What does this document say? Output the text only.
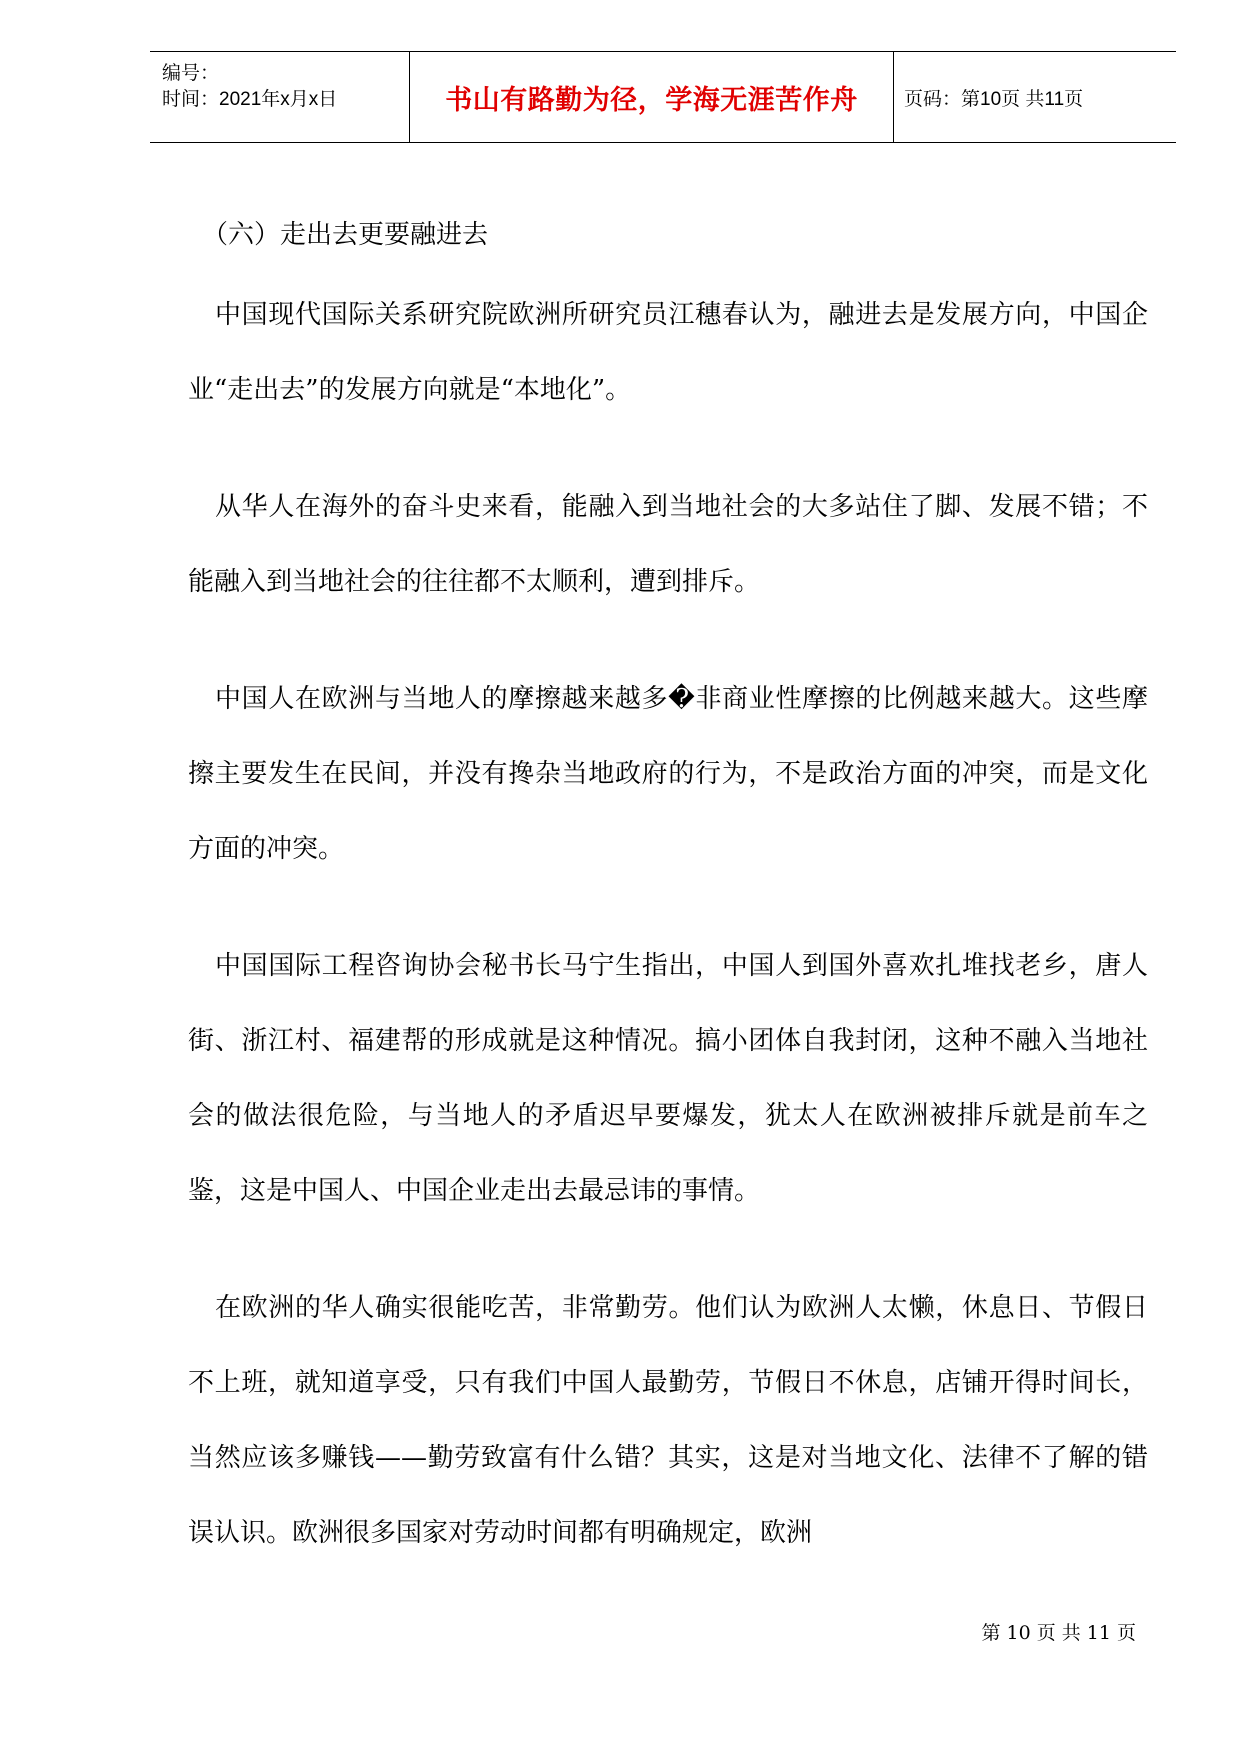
编号：
时间：2021年x月x日	书山有路勤为径，学海无涯苦作舟 页码：第10页 共11页

（六）走出去更要融进去

中国现代国际关系研究院欧洲所研究员江穗春认为，融进去是发展方向，中国企业“走出去”的发展方向就是“本地化”。

从华人在海外的奋斗史来看，能融入到当地社会的大多站住了脚、发展不错；不能融入到当地社会的往往都不太顺利，遭到排斥。

中国人在欧洲与当地人的摩擦越来越多�非商业性摩擦的比例越来越大。这些摩擦主要发生在民间，并没有搀杂当地政府的行为，不是政治方面的冲突，而是文化方面的冲突。

中国国际工程咨询协会秘书长马宁生指出，中国人到国外喜欢扎堆找老乡，唐人街、浙江村、福建帮的形成就是这种情况。搞小团体自我封闭，这种不融入当地社会的做法很危险，与当地人的矛盾迟早要爆发，犹太人在欧洲被排斥就是前车之鉴，这是中国人、中国企业走出去最忌讳的事情。

在欧洲的华人确实很能吃苦，非常勤劳。他们认为欧洲人太懒，休息日、节假日不上班，就知道享受，只有我们中国人最勤劳，节假日不休息，店铺开得时间长，当然应该多赚钱——勤劳致富有什么错？其实，这是对当地文化、法律不了解的错误认识。欧洲很多国家对劳动时间都有明确规定，欧洲

第 10 页 共 11 页
